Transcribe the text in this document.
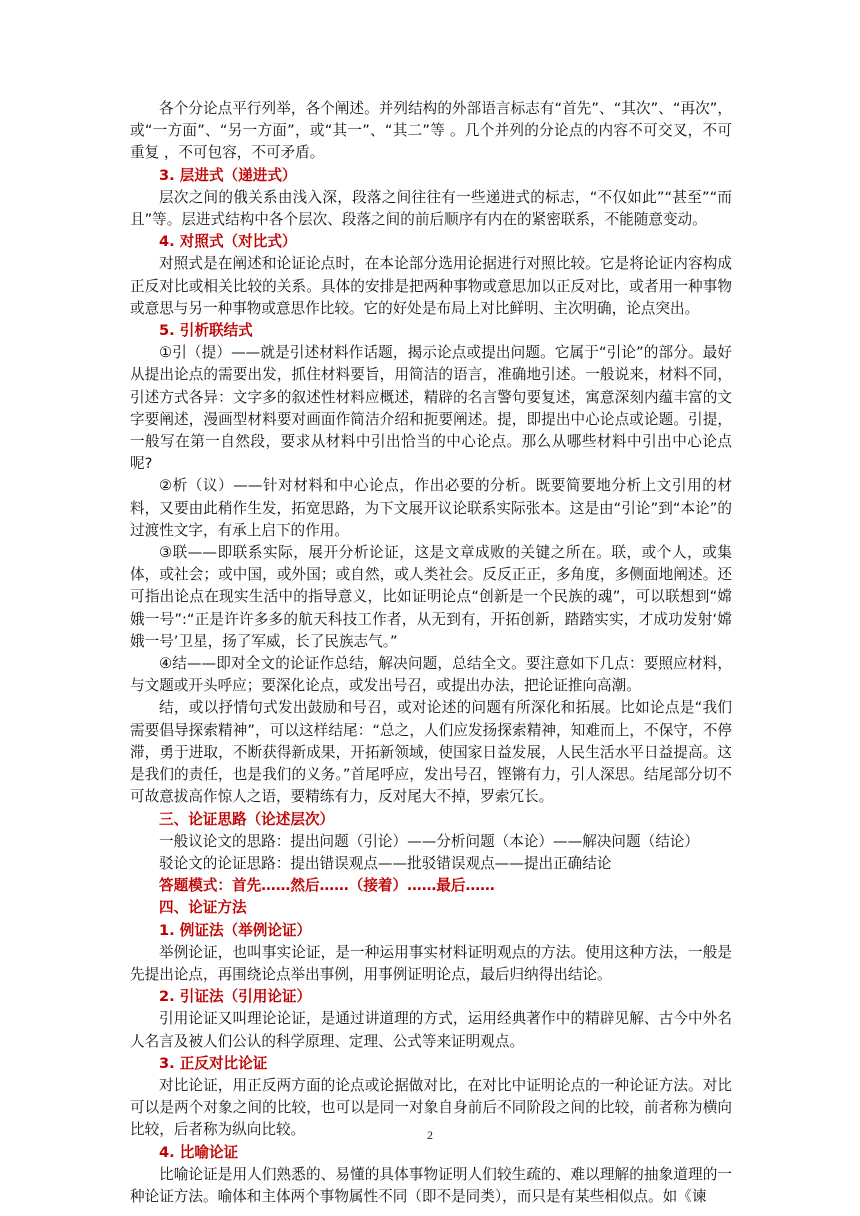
各个分论点平行列举，各个阐述。并列结构的外部语言标志有“首先”、“其次”、“再次”，或“一方面”、“另一方面”，或“其一”、“其二”等 。几个并列的分论点的内容不可交叉，不可重复 ，不可包容，不可矛盾。

3. 层进式（递进式）

层次之间的俄关系由浅入深，段落之间往往有一些递进式的标志，“不仅如此”“甚至”“而且”等。层进式结构中各个层次、段落之间的前后顺序有内在的紧密联系，不能随意变动。

4. 对照式（对比式）

对照式是在阐述和论证论点时，在本论部分选用论据进行对照比较。它是将论证内容构成正反对比或相关比较的关系。具体的安排是把两种事物或意思加以正反对比，或者用一种事物或意思与另一种事物或意思作比较。它的好处是布局上对比鲜明、主次明确，论点突出。

5. 引析联结式

①引（提）——就是引述材料作话题，揭示论点或提出问题。它属于“引论”的部分。最好从提出论点的需要出发，抓住材料要旨，用简洁的语言，准确地引述。一般说来，材料不同，引述方式各异：文字多的叙述性材料应概述，精辟的名言警句要复述，寓意深刻内蕴丰富的文字要阐述，漫画型材料要对画面作简洁介绍和扼要阐述。提，即提出中心论点或论题。引提，一般写在第一自然段，要求从材料中引出恰当的中心论点。那么从哪些材料中引出中心论点呢?

②析（议）——针对材料和中心论点，作出必要的分析。既要简要地分析上文引用的材料，又要由此稍作生发，拓宽思路，为下文展开议论联系实际张本。这是由“引论”到“本论”的过渡性文字，有承上启下的作用。

③联——即联系实际，展开分析论证，这是文章成败的关键之所在。联，或个人，或集体，或社会；或中国，或外国；或自然，或人类社会。反反正正，多角度，多侧面地阐述。还可指出论点在现实生活中的指导意义，比如证明论点“创新是一个民族的魂”，可以联想到“嫦娥一号”:“正是许许多多的航天科技工作者，从无到有，开拓创新，踏踏实实，才成功发射‘嫦娥一号’卫星，扬了军威，长了民族志气。”

④结——即对全文的论证作总结，解决问题，总结全文。要注意如下几点：要照应材料，与文题或开头呼应；要深化论点，或发出号召，或提出办法，把论证推向高潮。

结，或以抒情句式发出鼓励和号召，或对论述的问题有所深化和拓展。比如论点是“我们需要倡导探索精神”，可以这样结尾：“总之，人们应发扬探索精神，知难而上，不保守，不停滞，勇于进取，不断获得新成果，开拓新领域，使国家日益发展，人民生活水平日益提高。这是我们的责任，也是我们的义务。”首尾呼应，发出号召，铿锵有力，引人深思。结尾部分切不可故意拔高作惊人之语，要精练有力，反对尾大不掉，罗索冗长。

三、论证思路（论述层次）

一般议论文的思路：提出问题（引论）——分析问题（本论）——解决问题（结论）

驳论文的论证思路：提出错误观点——批驳错误观点——提出正确结论

答题模式：首先……然后……（接着）……最后……

四、论证方法

1. 例证法（举例论证）

举例论证，也叫事实论证，是一种运用事实材料证明观点的方法。使用这种方法，一般是先提出论点，再围绕论点举出事例，用事例证明论点，最后归纳得出结论。

2. 引证法（引用论证）

引用论证又叫理论论证，是通过讲道理的方式，运用经典著作中的精辟见解、古今中外名人名言及被人们公认的科学原理、定理、公式等来证明观点。

3. 正反对比论证

对比论证，用正反两方面的论点或论据做对比，在对比中证明论点的一种论证方法。对比可以是两个对象之间的比较，也可以是同一对象自身前后不同阶段之间的比较，前者称为横向比较，后者称为纵向比较。

4. 比喻论证

比喻论证是用人们熟悉的、易懂的具体事物证明人们较生疏的、难以理解的抽象道理的一种论证方法。喻体和主体两个事物属性不同（即不是同类），而只是有某些相似点。如《谏

2
